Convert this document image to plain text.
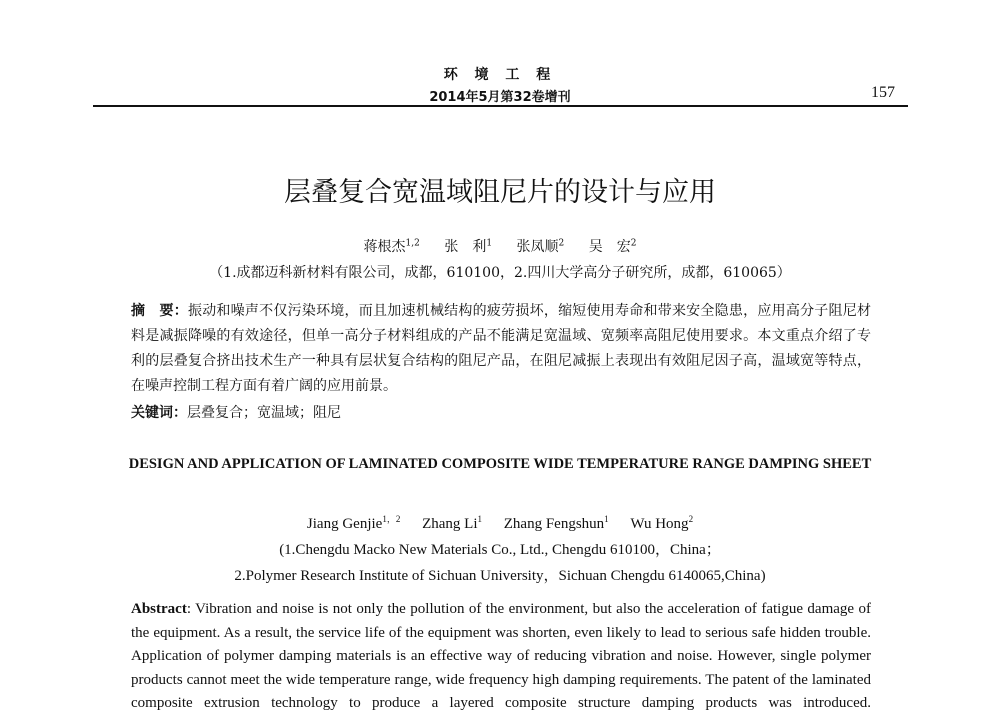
环 境 工 程
2014年5月第32卷增刊	157
层叠复合宽温域阻尼片的设计与应用
蒋根杰$^{1,2}$ 张　利$^1$ 张凤顺$^2$ 吴　宏$^2$
（1.成都迈科新材料有限公司，成都，610100，2.四川大学高分子研究所，成都，610065）
摘　要：振动和噪声不仅污染环境，而且加速机械结构的疲劳损坏，缩短使用寿命和带来安全隐患，应用高分子阻尼材料是减振降噪的有效途径，但单一高分子材料组成的产品不能满足宽温域、宽频率高阻尼使用要求。本文重点介绍了专利的层叠复合挤出技术生产一种具有层状复合结构的阻尼产品，在阻尼减振上表现出有效阻尼因子高，温域宽等特点，在噪声控制工程方面有着广阔的应用前景。
关键词：层叠复合；宽温域；阻尼
DESIGN AND APPLICATION OF LAMINATED COMPOSITE WIDE TEMPERATURE RANGE DAMPING SHEET
Jiang Genjie$^{1,2}$ Zhang Li$^1$ Zhang Fengshun$^1$ Wu Hong$^2$
(1.Chengdu Macko New Materials Co., Ltd., Chengdu 610100，China；
2.Polymer Research Institute of Sichuan University，Sichuan Chengdu 6140065,China)
Abstract: Vibration and noise is not only the pollution of the environment, but also the acceleration of fatigue damage of the equipment. As a result, the service life of the equipment was shorten, even likely to lead to serious safe hidden trouble. Application of polymer damping materials is an effective way of reducing vibration and noise. However, single polymer products cannot meet the wide temperature range, wide frequency high damping requirements. The patent of the laminated composite extrusion technology to produce a layered composite structure damping products was introduced.
